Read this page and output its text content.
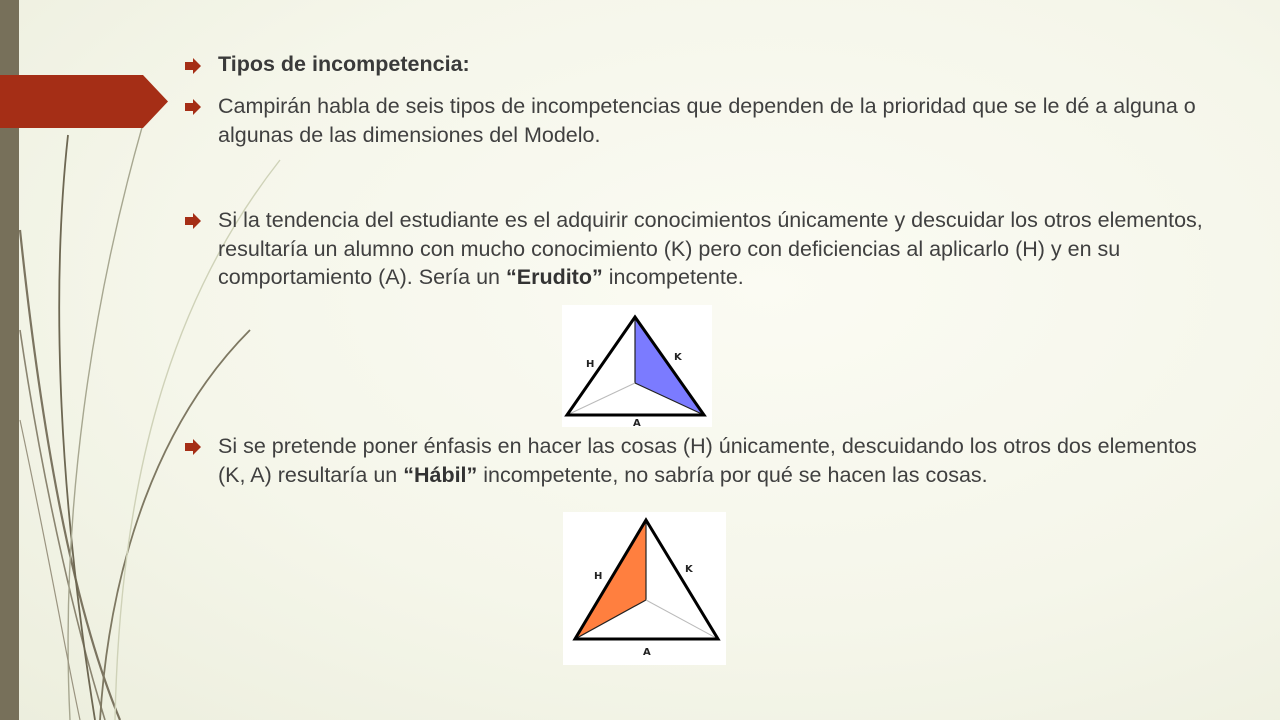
Tipos de incompetencia:
Campirán habla de seis tipos de incompetencias que dependen de la prioridad que se le dé a alguna o algunas de las dimensiones del Modelo.
Si la tendencia del estudiante es el adquirir conocimientos únicamente y descuidar los otros elementos, resultaría un alumno con mucho conocimiento (K) pero con deficiencias al aplicarlo (H) y en su comportamiento (A). Sería un “Erudito” incompetente.
H
K
A
Si se pretende poner énfasis en hacer las cosas (H) únicamente, descuidando los otros dos elementos (K, A) resultaría un “Hábil” incompetente, no sabría por qué se hacen las cosas.
H
K
A
